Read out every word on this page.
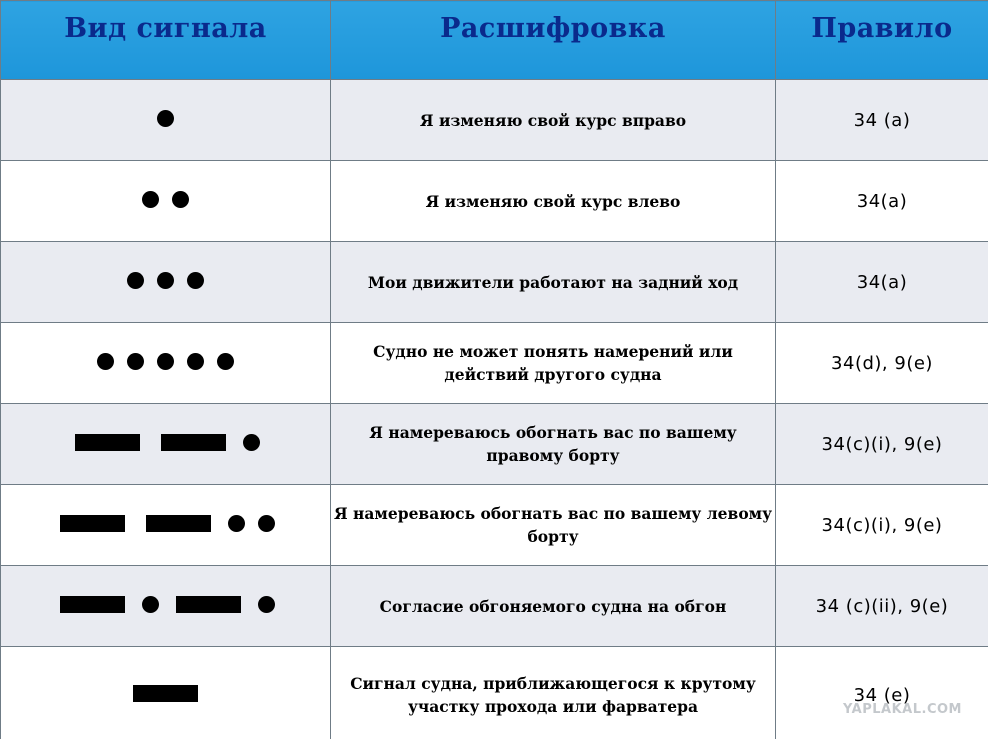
Вид сигнала	Расшифровка	Правило

	Я изменяю свой курс вправо	34 (a)

	Я изменяю свой курс влево	34(a)

	Мои движители работают на задний ход	34(a)

	Судно не может понять намерений или действий другого судна	34(d), 9(e)

	Я намереваюсь обогнать вас по вашему правому борту	34(c)(i), 9(e)

	Я намереваюсь обогнать вас по вашему левому борту	34(c)(i), 9(e)

	Согласие обгоняемого судна на обгон	34 (c)(ii), 9(e)

	Сигнал судна, приближающегося к крутому участку прохода или фарватера	34 (e)
YAPLAKAL.COM
